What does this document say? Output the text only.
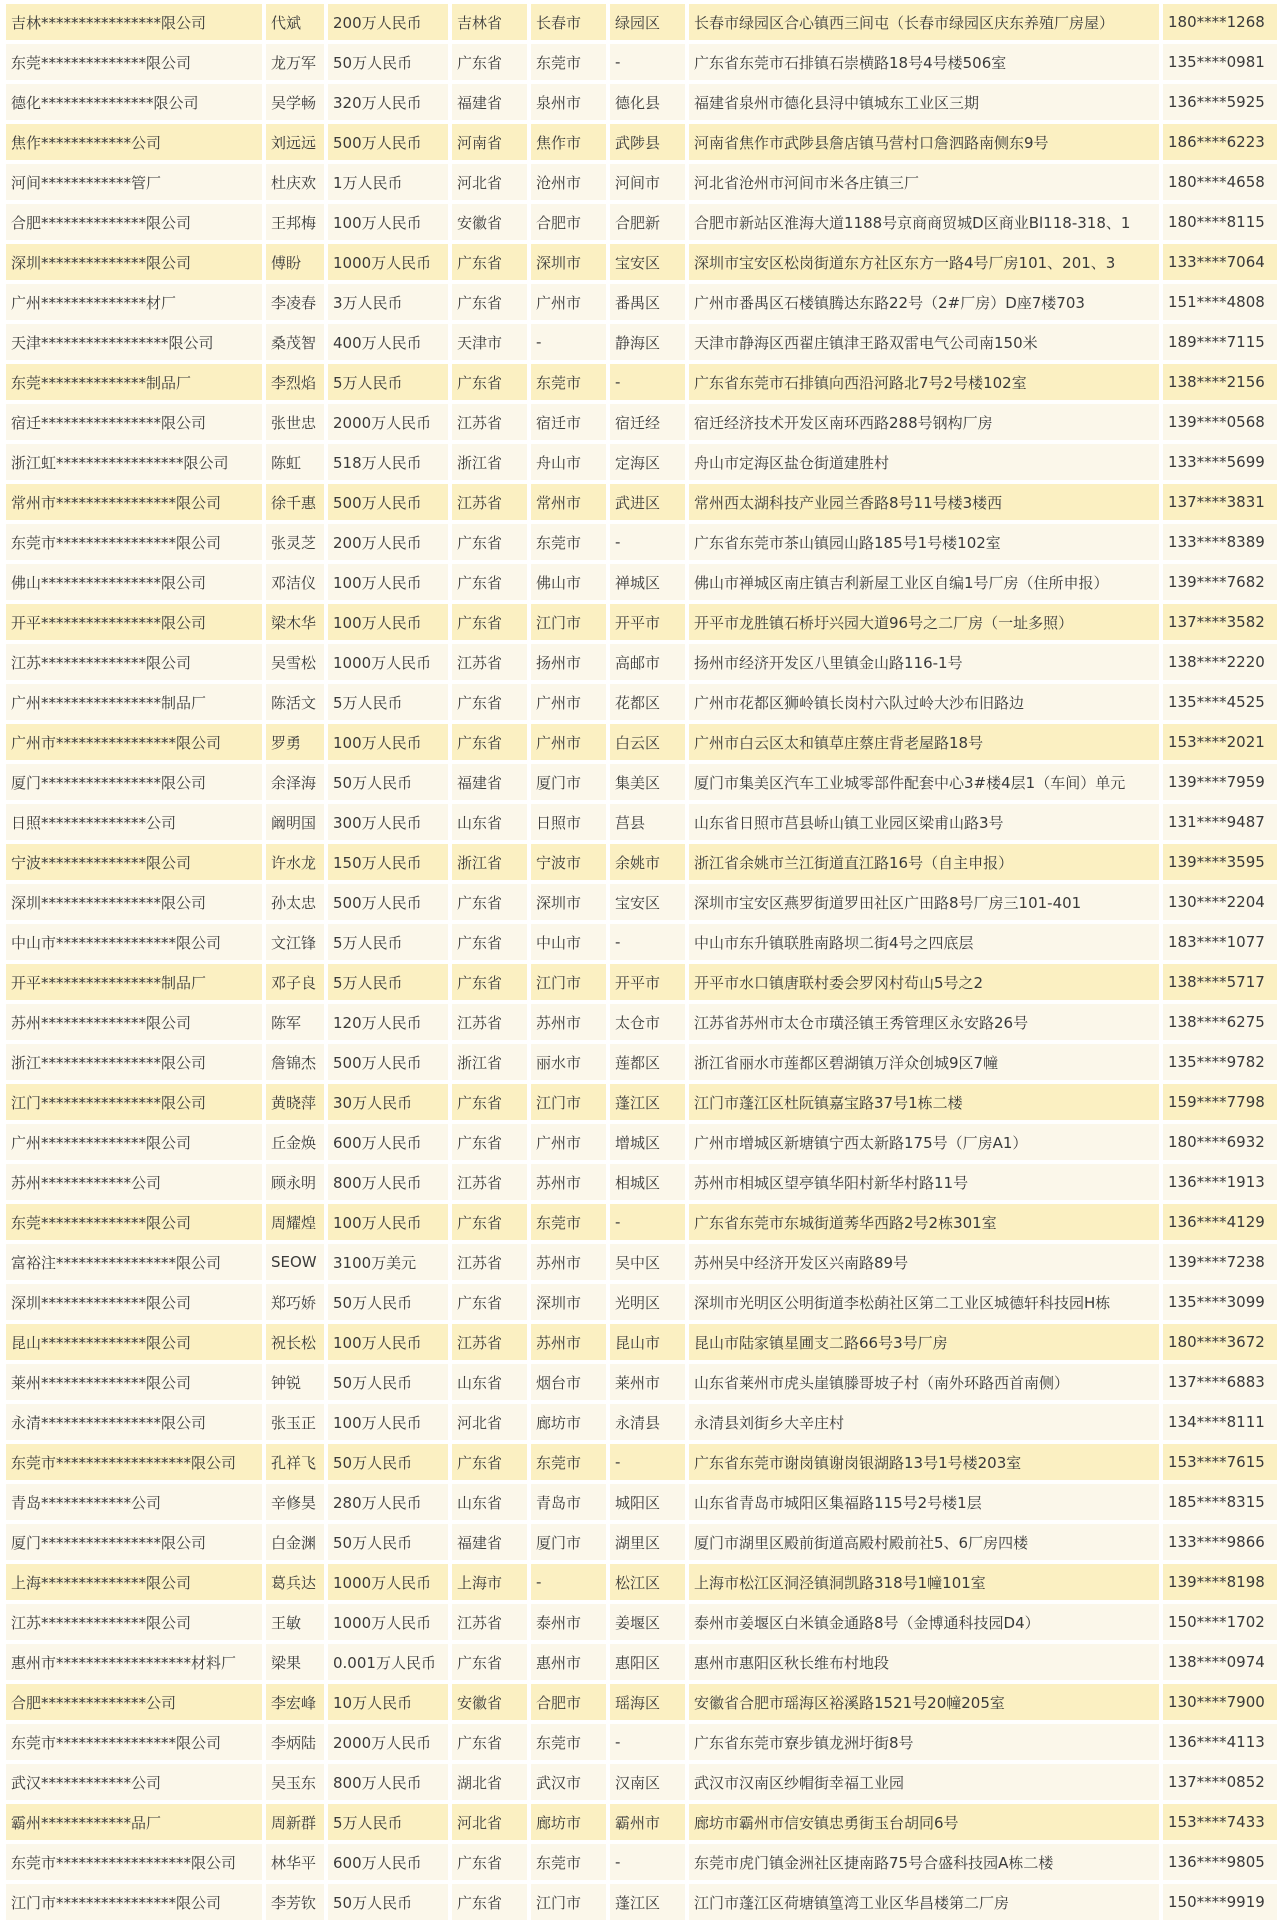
吉林****************限公司	代斌	200万人民币	吉林省	长春市	绿园区	长春市绿园区合心镇西三间屯（长春市绿园区庆东养殖厂房屋）	180****1268
东莞**************限公司	龙万军	50万人民币	广东省	东莞市	-	广东省东莞市石排镇石崇横路18号4号楼506室	135****0981
德化***************限公司	吴学畅	320万人民币	福建省	泉州市	德化县	福建省泉州市德化县浔中镇城东工业区三期	136****5925
焦作************公司	刘远远	500万人民币	河南省	焦作市	武陟县	河南省焦作市武陟县詹店镇马营村口詹泗路南侧东9号	186****6223
河间************管厂	杜庆欢	1万人民币	河北省	沧州市	河间市	河北省沧州市河间市米各庄镇三厂	180****4658
合肥**************限公司	王邦梅	100万人民币	安徽省	合肥市	合肥新	合肥市新站区淮海大道1188号京商商贸城D区商业Bl118-318、1	180****8115
深圳**************限公司	傅盼	1000万人民币	广东省	深圳市	宝安区	深圳市宝安区松岗街道东方社区东方一路4号厂房101、201、3	133****7064
广州**************材厂	李凌春	3万人民币	广东省	广州市	番禺区	广州市番禺区石楼镇腾达东路22号（2#厂房）D座7楼703	151****4808
天津*****************限公司	桑茂智	400万人民币	天津市	-	静海区	天津市静海区西翟庄镇津王路双雷电气公司南150米	189****7115
东莞**************制品厂	李烈焰	5万人民币	广东省	东莞市	-	广东省东莞市石排镇向西沿河路北7号2号楼102室	138****2156
宿迁****************限公司	张世忠	2000万人民币	江苏省	宿迁市	宿迁经	宿迁经济技术开发区南环西路288号钢构厂房	139****0568
浙江虹*****************限公司	陈虹	518万人民币	浙江省	舟山市	定海区	舟山市定海区盐仓街道建胜村	133****5699
常州市****************限公司	徐千惠	500万人民币	江苏省	常州市	武进区	常州西太湖科技产业园兰香路8号11号楼3楼西	137****3831
东莞市****************限公司	张灵芝	200万人民币	广东省	东莞市	-	广东省东莞市茶山镇园山路185号1号楼102室	133****8389
佛山****************限公司	邓洁仪	100万人民币	广东省	佛山市	禅城区	佛山市禅城区南庄镇吉利新屋工业区自编1号厂房（住所申报）	139****7682
开平****************限公司	梁木华	100万人民币	广东省	江门市	开平市	开平市龙胜镇石桥圩兴园大道96号之二厂房（一址多照）	137****3582
江苏**************限公司	吴雪松	1000万人民币	江苏省	扬州市	高邮市	扬州市经济开发区八里镇金山路116-1号	138****2220
广州****************制品厂	陈活文	5万人民币	广东省	广州市	花都区	广州市花都区狮岭镇长岗村六队过岭大沙布旧路边	135****4525
广州市****************限公司	罗勇	100万人民币	广东省	广州市	白云区	广州市白云区太和镇草庄蔡庄背老屋路18号	153****2021
厦门****************限公司	余泽海	50万人民币	福建省	厦门市	集美区	厦门市集美区汽车工业城零部件配套中心3#楼4层1（车间）单元	139****7959
日照**************公司	阚明国	300万人民币	山东省	日照市	莒县	山东省日照市莒县峤山镇工业园区梁甫山路3号	131****9487
宁波**************限公司	许水龙	150万人民币	浙江省	宁波市	余姚市	浙江省余姚市兰江街道直江路16号（自主申报）	139****3595
深圳****************限公司	孙太忠	500万人民币	广东省	深圳市	宝安区	深圳市宝安区燕罗街道罗田社区广田路8号厂房三101-401	130****2204
中山市****************限公司	文江锋	5万人民币	广东省	中山市	-	中山市东升镇联胜南路坝二街4号之四底层	183****1077
开平****************制品厂	邓子良	5万人民币	广东省	江门市	开平市	开平市水口镇唐联村委会罗冈村茍山5号之2	138****5717
苏州**************限公司	陈军	120万人民币	江苏省	苏州市	太仓市	江苏省苏州市太仓市璜泾镇王秀管理区永安路26号	138****6275
浙江****************限公司	詹锦杰	500万人民币	浙江省	丽水市	莲都区	浙江省丽水市莲都区碧湖镇万洋众创城9区7幢	135****9782
江门****************限公司	黄晓萍	30万人民币	广东省	江门市	蓬江区	江门市蓬江区杜阮镇嘉宝路37号1栋二楼	159****7798
广州**************限公司	丘金焕	600万人民币	广东省	广州市	增城区	广州市增城区新塘镇宁西太新路175号（厂房A1）	180****6932
苏州************公司	顾永明	800万人民币	江苏省	苏州市	相城区	苏州市相城区望亭镇华阳村新华村路11号	136****1913
东莞**************限公司	周耀煌	100万人民币	广东省	东莞市	-	广东省东莞市东城街道莠华西路2号2栋301室	136****4129
富裕注****************限公司	SEOW	3100万美元	江苏省	苏州市	吴中区	苏州吴中经济开发区兴南路89号	139****7238
深圳**************限公司	郑巧娇	50万人民币	广东省	深圳市	光明区	深圳市光明区公明街道李松蓢社区第二工业区城德轩科技园H栋	135****3099
昆山**************限公司	祝长松	100万人民币	江苏省	苏州市	昆山市	昆山市陆家镇星圃支二路66号3号厂房	180****3672
莱州**************限公司	钟锐	50万人民币	山东省	烟台市	莱州市	山东省莱州市虎头崖镇滕哥坡子村（南外环路西首南侧）	137****6883
永清****************限公司	张玉正	100万人民币	河北省	廊坊市	永清县	永清县刘街乡大辛庄村	134****8111
东莞市******************限公司	孔祥飞	50万人民币	广东省	东莞市	-	广东省东莞市谢岗镇谢岗银湖路13号1号楼203室	153****7615
青岛************公司	辛修昊	280万人民币	山东省	青岛市	城阳区	山东省青岛市城阳区集福路115号2号楼1层	185****8315
厦门****************限公司	白金渊	50万人民币	福建省	厦门市	湖里区	厦门市湖里区殿前街道高殿村殿前社5、6厂房四楼	133****9866
上海**************限公司	葛兵达	1000万人民币	上海市	-	松江区	上海市松江区洞泾镇洞凯路318号1幢101室	139****8198
江苏**************限公司	王敏	1000万人民币	江苏省	泰州市	姜堰区	泰州市姜堰区白米镇金通路8号（金博通科技园D4）	150****1702
惠州市******************材料厂	梁果	0.001万人民币	广东省	惠州市	惠阳区	惠州市惠阳区秋长维布村地段	138****0974
合肥**************公司	李宏峰	10万人民币	安徽省	合肥市	瑶海区	安徽省合肥市瑶海区裕溪路1521号20幢205室	130****7900
东莞市****************限公司	李炳陆	2000万人民币	广东省	东莞市	-	广东省东莞市寮步镇龙洲圩街8号	136****4113
武汉************公司	吴玉东	800万人民币	湖北省	武汉市	汉南区	武汉市汉南区纱帽街幸福工业园	137****0852
霸州************品厂	周新群	5万人民币	河北省	廊坊市	霸州市	廊坊市霸州市信安镇忠勇街玉台胡同6号	153****7433
东莞市******************限公司	林华平	600万人民币	广东省	东莞市	-	东莞市虎门镇金洲社区捷南路75号合盛科技园A栋二楼	136****9805
江门市****************限公司	李芳钦	50万人民币	广东省	江门市	蓬江区	江门市蓬江区荷塘镇篁湾工业区华昌楼第二厂房	150****9919
